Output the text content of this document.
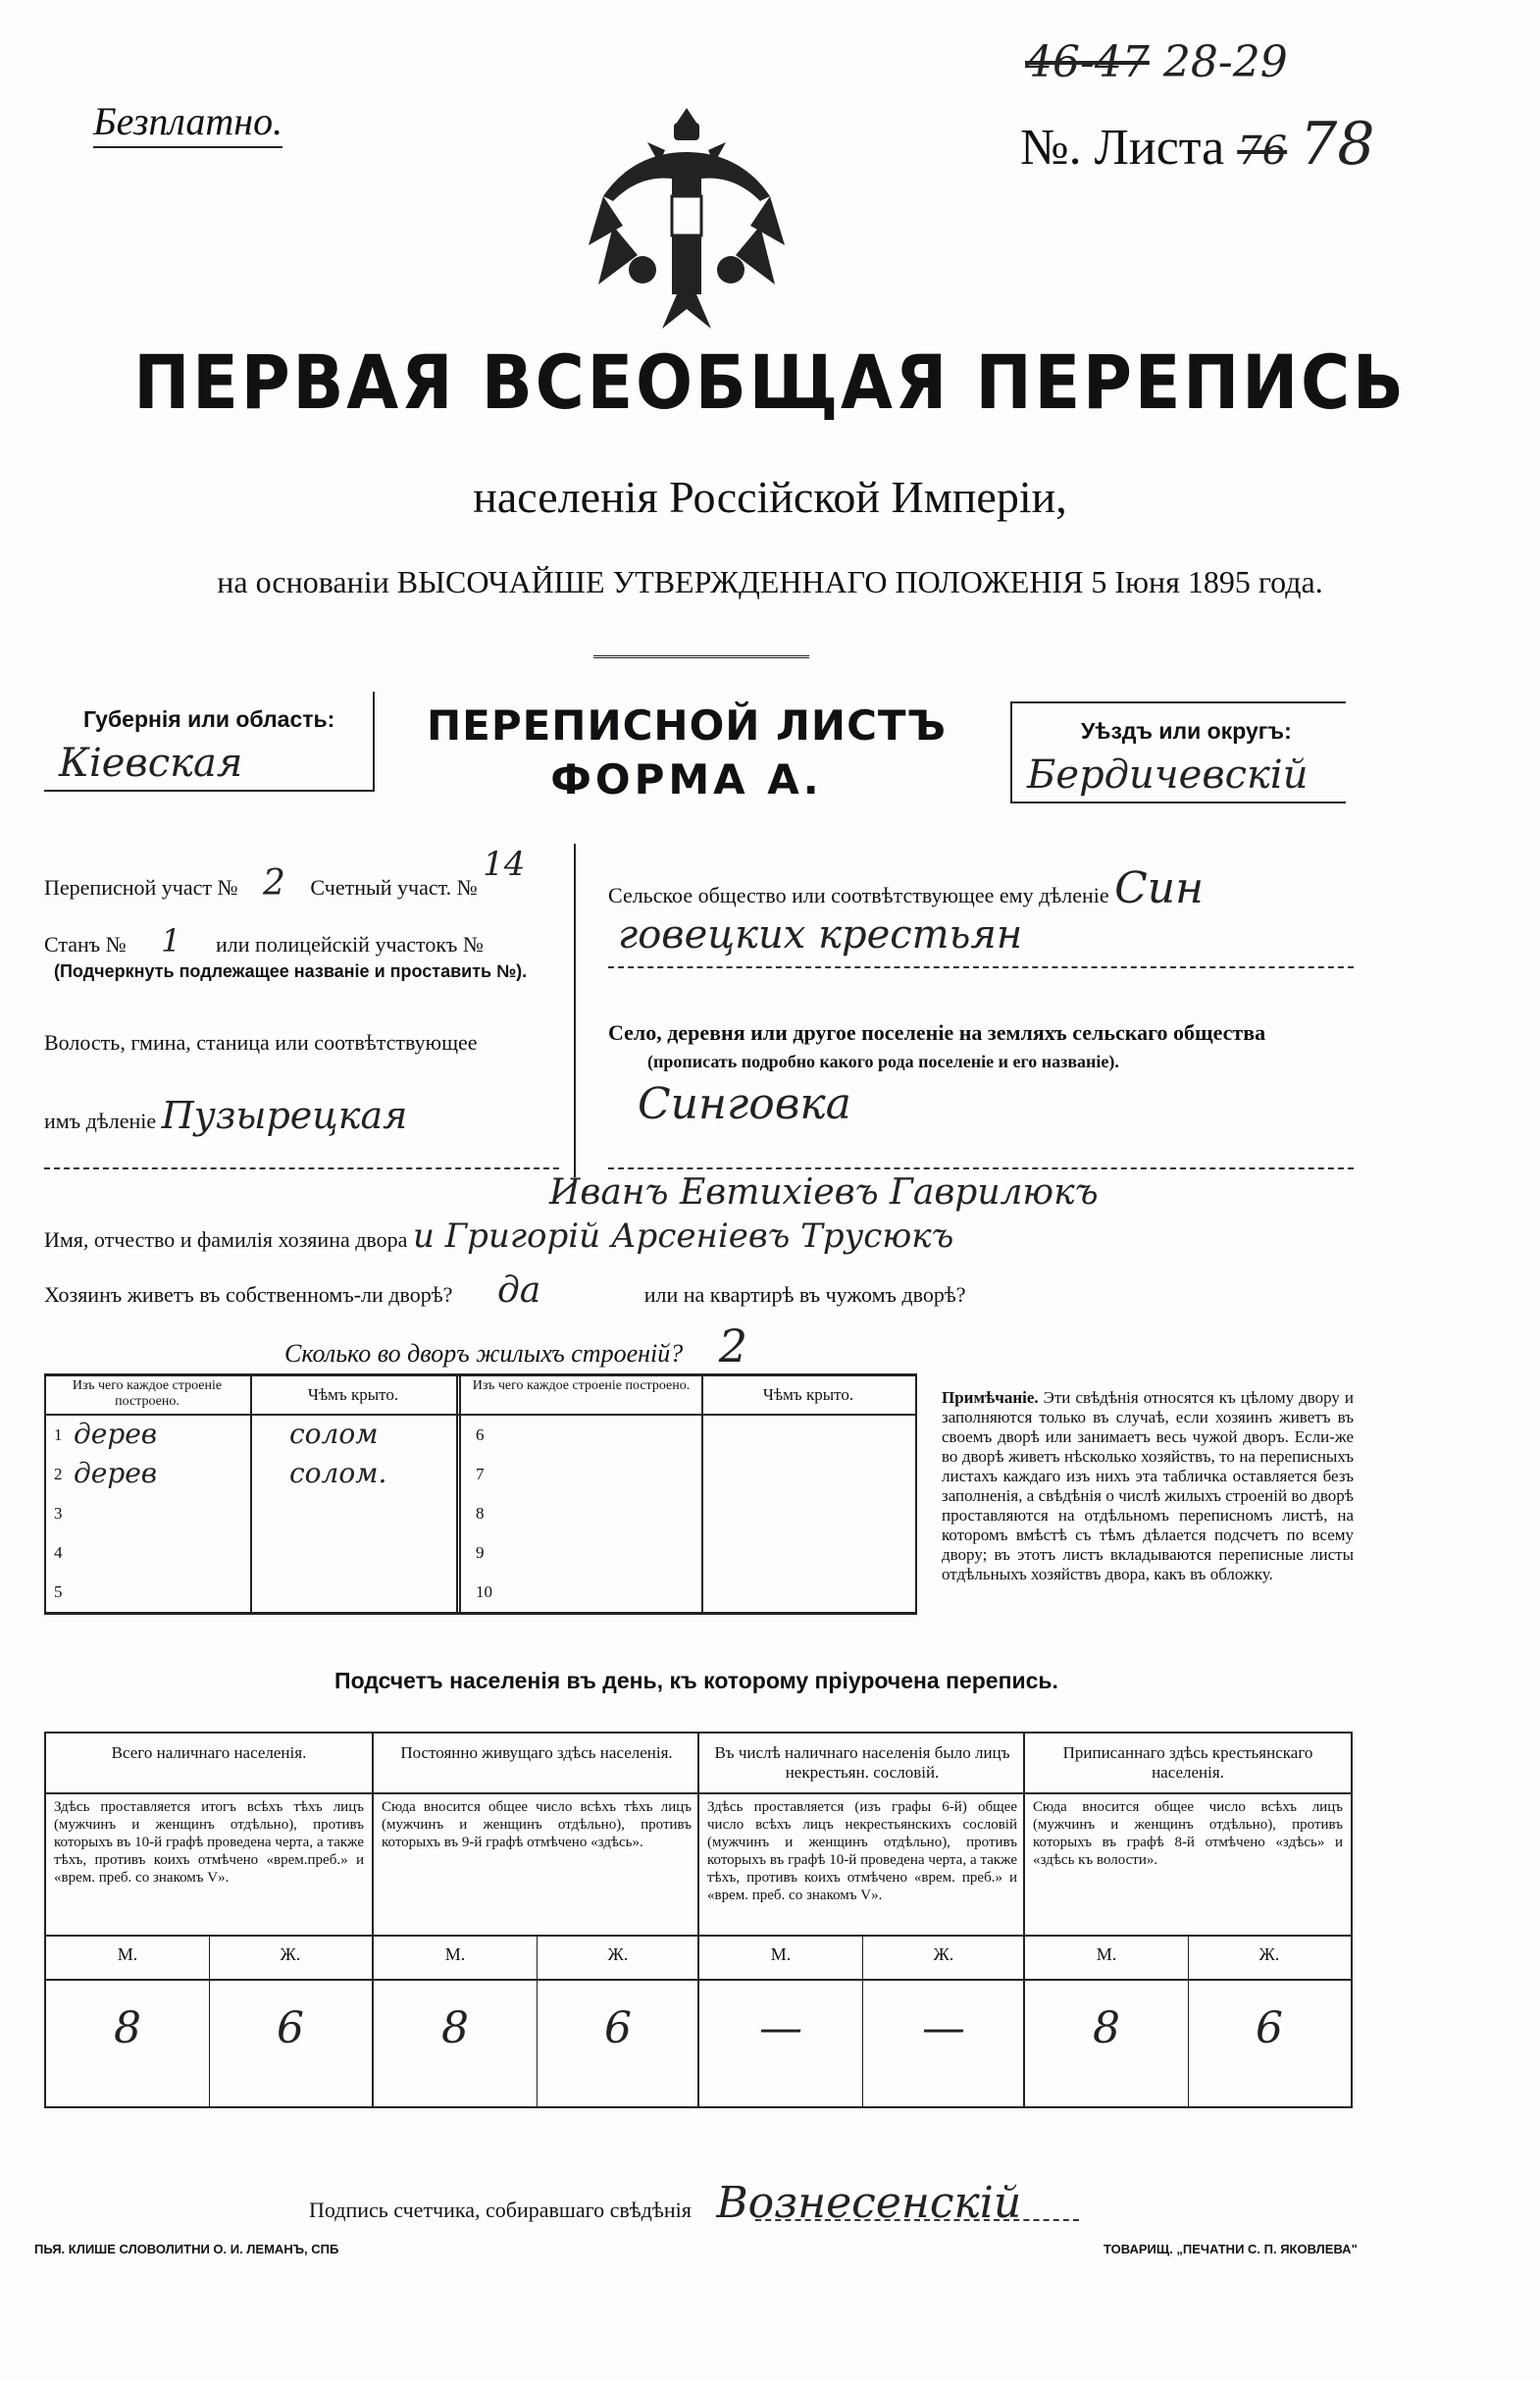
Безплатно.
46-47 28-29
№. Листа 76 78
ПЕРВАЯ ВСЕОБЩАЯ ПЕРЕПИСЬ
населенія Россійской Имперіи,
на основаніи ВЫСОЧАЙШЕ УТВЕРЖДЕННАГО ПОЛОЖЕНІЯ 5 Іюня 1895 года.
Губернія или область:
Кіевская
ПЕРЕПИСНОЙ ЛИСТЪ
ФОРМА А.
Уѣздъ или округъ:
Бердичевскій
Переписной участ № 2 Счетный участ. № 14
Станъ № 1 или полицейскій участокъ №
(Подчеркнуть подлежащее названіе и проставить №).
Волость, гмина, станица или соотвѣтствующее
имъ дѣленіе Пузырецкая
Сельское общество или соотвѣтствующее ему дѣленіе Син
говецких крестьян
Село, деревня или другое поселеніе на земляхъ сельскаго общества
(прописать подробно какого рода поселеніе и его названіе).
Синговка
Иванъ Евтихіевъ Гаврилюкъ
Имя, отчество и фамилія хозяина двора и Григорій Арсеніевъ Трусюкъ
Хозяинъ живетъ въ собственномъ-ли дворѣ? да	или на квартирѣ въ чужомъ дворѣ?
Сколько во дворъ жилыхъ строеній? 2
Изъ чего каждое строеніе построено.	Чѣмъ крыто.	Изъ чего каждое строеніе построено.	Чѣмъ крыто.
1 дерев	солом
2 дерев	солом.
3
4
5
6
7
8
9
10
Примѣчаніе. Эти свѣдѣнія относятся къ цѣлому двору и заполняются только въ случаѣ, если хозяинъ живетъ въ своемъ дворѣ или занимаетъ весь чужой дворъ. Если-же во дворѣ живетъ нѣсколько хозяйствъ, то на переписныхъ листахъ каждаго изъ нихъ эта табличка оставляется безъ заполненія, а свѣдѣнія о числѣ жилыхъ строеній во дворѣ проставляются на отдѣльномъ переписномъ листѣ, на которомъ вмѣстѣ съ тѣмъ дѣлается подсчетъ по всему двору; въ этотъ листъ вкладываются переписные листы отдѣльныхъ хозяйствъ двора, какъ въ обложку.
Подсчетъ населенія въ день, къ которому пріурочена перепись.
Всего наличнаго населенія.
Здѣсь проставляется итогъ всѣхъ тѣхъ лицъ (мужчинъ и женщинъ отдѣльно), противъ которыхъ въ 10-й графѣ проведена черта, а также тѣхъ, противъ коихъ отмѣчено «врем.преб.» и «врем. преб. со знакомъ V».
М.	Ж.
8	6
Постоянно живущаго здѣсь населенія.
Сюда вносится общее число всѣхъ тѣхъ лицъ (мужчинъ и женщинъ отдѣльно), противъ которыхъ въ 9-й графѣ отмѣчено «здѣсь».
М.	Ж.
8	6
Въ числѣ наличнаго населенія было лицъ некрестьян. сословій.
Здѣсь проставляется (изъ графы 6-й) общее число всѣхъ лицъ некрестьянскихъ сословій (мужчинъ и женщинъ отдѣльно), противъ которыхъ въ графѣ 10-й проведена черта, а также тѣхъ, противъ коихъ отмѣчено «врем. преб.» и «врем. преб. со знакомъ V».
М.	Ж.
—	—
Приписаннаго здѣсь крестьянскаго населенія.
Сюда вносится общее число всѣхъ лицъ (мужчинъ и женщинъ отдѣльно), противъ которыхъ въ графѣ 8-й отмѣчено «здѣсь» и «здѣсь къ волости».
М.	Ж.
8	6
Подпись счетчика, собиравшаго свѣдѣнія Вознесенскій
ПЬЯ. КЛИШЕ СЛОВОЛИТНИ О. И. ЛЕМАНЪ, СПБ	ТОВАРИЩ. „ПЕЧАТНИ С. П. ЯКОВЛЕВА"
